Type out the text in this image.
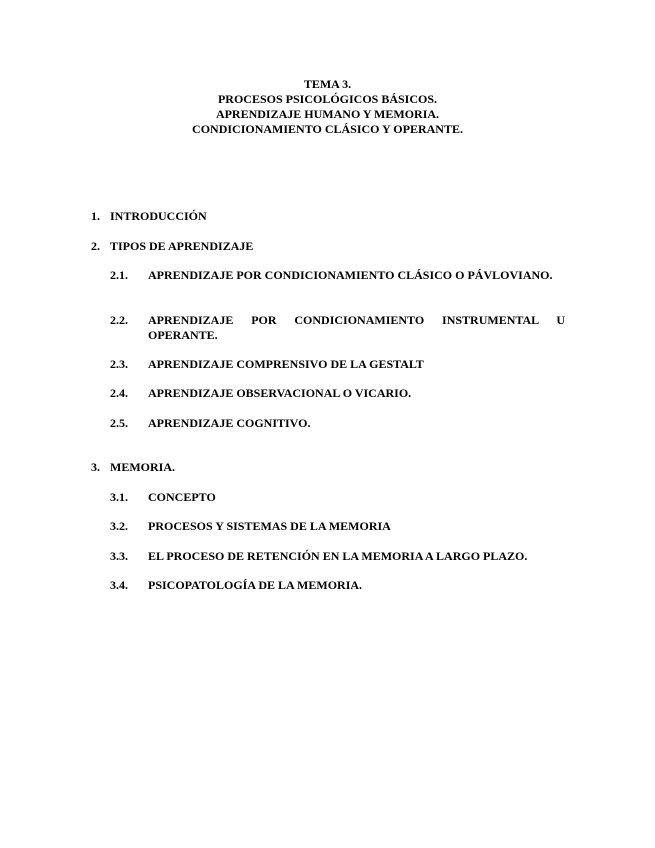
TEMA 3.
PROCESOS PSICOLÓGICOS BÁSICOS.
APRENDIZAJE HUMANO Y MEMORIA.
CONDICIONAMIENTO CLÁSICO Y OPERANTE.
1. INTRODUCCIÓN
2. TIPOS DE APRENDIZAJE
2.1. APRENDIZAJE POR CONDICIONAMIENTO CLÁSICO O PÁVLOVIANO.
2.2. APRENDIZAJE POR CONDICIONAMIENTO INSTRUMENTAL U OPERANTE.
2.3. APRENDIZAJE COMPRENSIVO DE LA GESTALT
2.4. APRENDIZAJE OBSERVACIONAL O VICARIO.
2.5. APRENDIZAJE COGNITIVO.
3. MEMORIA.
3.1. CONCEPTO
3.2. PROCESOS Y SISTEMAS DE LA MEMORIA
3.3. EL PROCESO DE RETENCIÓN EN LA MEMORIA A LARGO PLAZO.
3.4. PSICOPATOLOGÍA DE LA MEMORIA.
